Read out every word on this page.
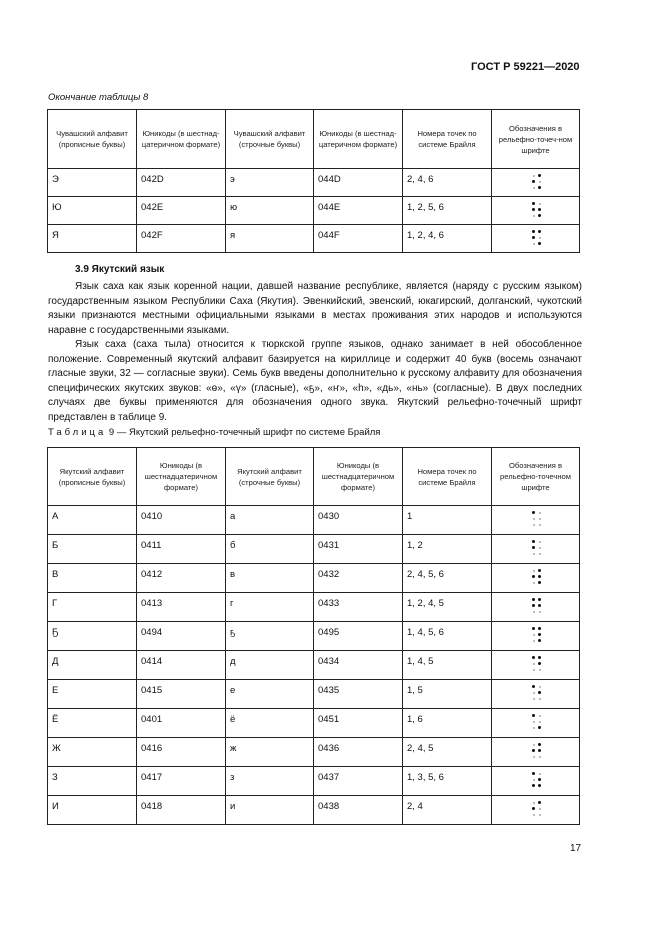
ГОСТ Р 59221—2020
Окончание таблицы 8
Чувашский алфавит (прописные буквы)	Юникоды (в шестнад-цатеричном формате)	Чувашский алфавит (строчные буквы)	Юникоды (в шестнад-цатеричном формате)	Номера точек по системе Брайля	Обозначения в рельефно-точеч-ном шрифте
Э	042D	э	044D	2, 4, 6	

Ю	042E	ю	044E	1, 2, 5, 6	

Я	042F	я	044F	1, 2, 4, 6	
3.9 Якутский язык

Язык саха как язык коренной нации, давшей название республике, является (наряду с русским языком) государственным языком Республики Саха (Якутия). Эвенкийский, эвенский, юкагирский, долганский, чукотский языки признаются местными официальными языками в местах проживания этих народов и используются наравне с государственными языками.

Язык саха (саха тыла) относится к тюркской группе языков, однако занимает в ней обособленное положение. Современный якутский алфавит базируется на кириллице и содержит 40 букв (восемь означают гласные звуки, 32 — согласные звуки). Семь букв введены дополнительно к русскому алфавиту для обозначения специфических якутских звуков: «ө», «ү» (гласные), «ҕ», «ҥ», «һ», «дь», «нь» (согласные). В двух последних случаях две буквы применяются для обозначения одного звука. Якутский рельефно-точечный шрифт представлен в таблице 9.

Таблица 9 — Якутский рельефно-точечный шрифт по системе Брайля
Якутский алфавит (прописные буквы)	Юникоды (в шестнадцатеричном формате)	Якутский алфавит (строчные буквы)	Юникоды (в шестнадцатеричном формате)	Номера точек по системе Брайля	Обозначения в рельефно-точечном шрифте
А	0410	а	0430	1	

Б	0411	б	0431	1, 2	

В	0412	в	0432	2, 4, 5, 6	

Г	0413	г	0433	1, 2, 4, 5	

Ҕ	0494	ҕ	0495	1, 4, 5, 6	

Д	0414	д	0434	1, 4, 5	

Е	0415	е	0435	1, 5	

Ё	0401	ё	0451	1, 6	

Ж	0416	ж	0436	2, 4, 5	

З	0417	з	0437	1, 3, 5, 6	

И	0418	и	0438	2, 4	
17
